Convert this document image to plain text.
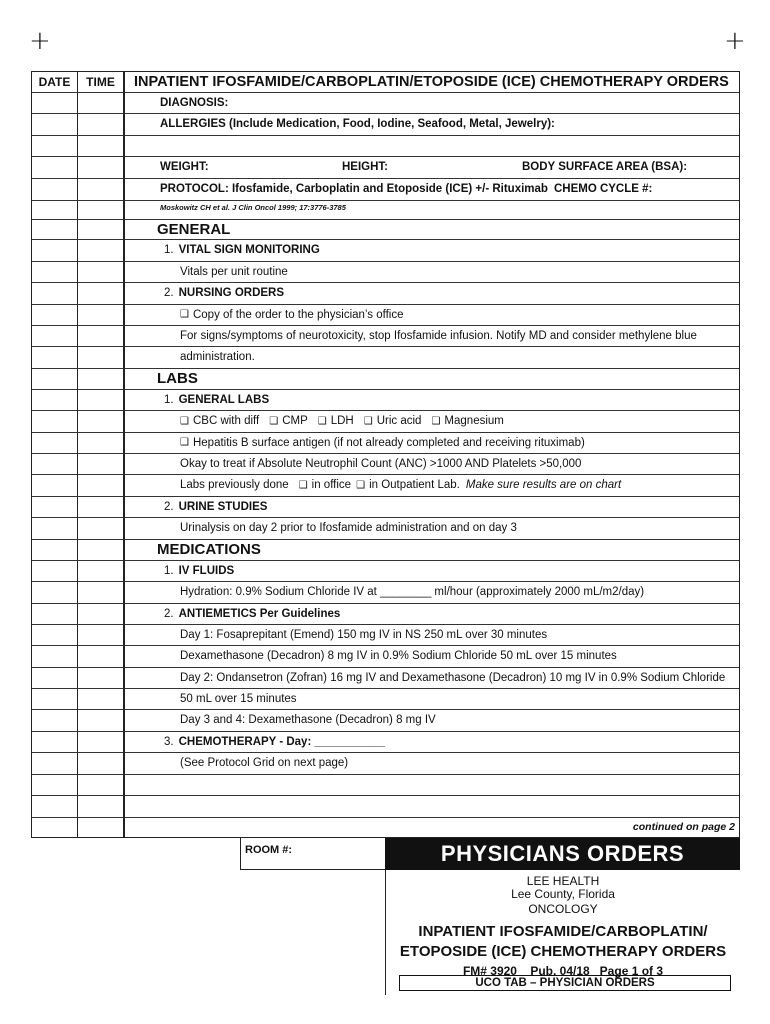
+	+
DATE	TIME	INPATIENT IFOSFAMIDE/CARBOPLATIN/ETOPOSIDE (ICE) CHEMOTHERAPY ORDERS
DIAGNOSIS:
ALLERGIES (Include Medication, Food, Iodine, Seafood, Metal, Jewelry):
WEIGHT:	HEIGHT:	BODY SURFACE AREA (BSA):
PROTOCOL: Ifosfamide, Carboplatin and Etoposide (ICE) +/- Rituximab CHEMO CYCLE #:
Moskowitz CH et al. J Clin Oncol 1999; 17:3776-3785
GENERAL
1. VITAL SIGN MONITORING
Vitals per unit routine
2. NURSING ORDERS
❑ Copy of the order to the physician’s office
For signs/symptoms of neurotoxicity, stop Ifosfamide infusion. Notify MD and consider methylene blue
administration.
LABS
1. GENERAL LABS
❑ CBC with diff ❑ CMP ❑ LDH ❑ Uric acid ❑ Magnesium
❑ Hepatitis B surface antigen (if not already completed and receiving rituximab)
Okay to treat if Absolute Neutrophil Count (ANC) >1000 AND Platelets >50,000
Labs previously done ❑ in office ❑ in Outpatient Lab. Make sure results are on chart
2. URINE STUDIES
Urinalysis on day 2 prior to Ifosfamide administration and on day 3
MEDICATIONS
1. IV FLUIDS
Hydration: 0.9% Sodium Chloride IV at ________ ml/hour (approximately 2000 mL/m2/day)
2. ANTIEMETICS Per Guidelines
Day 1: Fosaprepitant (Emend) 150 mg IV in NS 250 mL over 30 minutes
Dexamethasone (Decadron) 8 mg IV in 0.9% Sodium Chloride 50 mL over 15 minutes
Day 2: Ondansetron (Zofran) 16 mg IV and Dexamethasone (Decadron) 10 mg IV in 0.9% Sodium Chloride
50 mL over 15 minutes
Day 3 and 4: Dexamethasone (Decadron) 8 mg IV
3. CHEMOTHERAPY - Day: ___________
(See Protocol Grid on next page)
continued on page 2
ROOM #:	PHYSICIANS ORDERS
LEE HEALTH
Lee County, Florida
ONCOLOGY
INPATIENT IFOSFAMIDE/CARBOPLATIN/
ETOPOSIDE (ICE) CHEMOTHERAPY ORDERS
FM# 3920    Pub. 04/18   Page 1 of 3
UCO TAB – PHYSICIAN ORDERS
